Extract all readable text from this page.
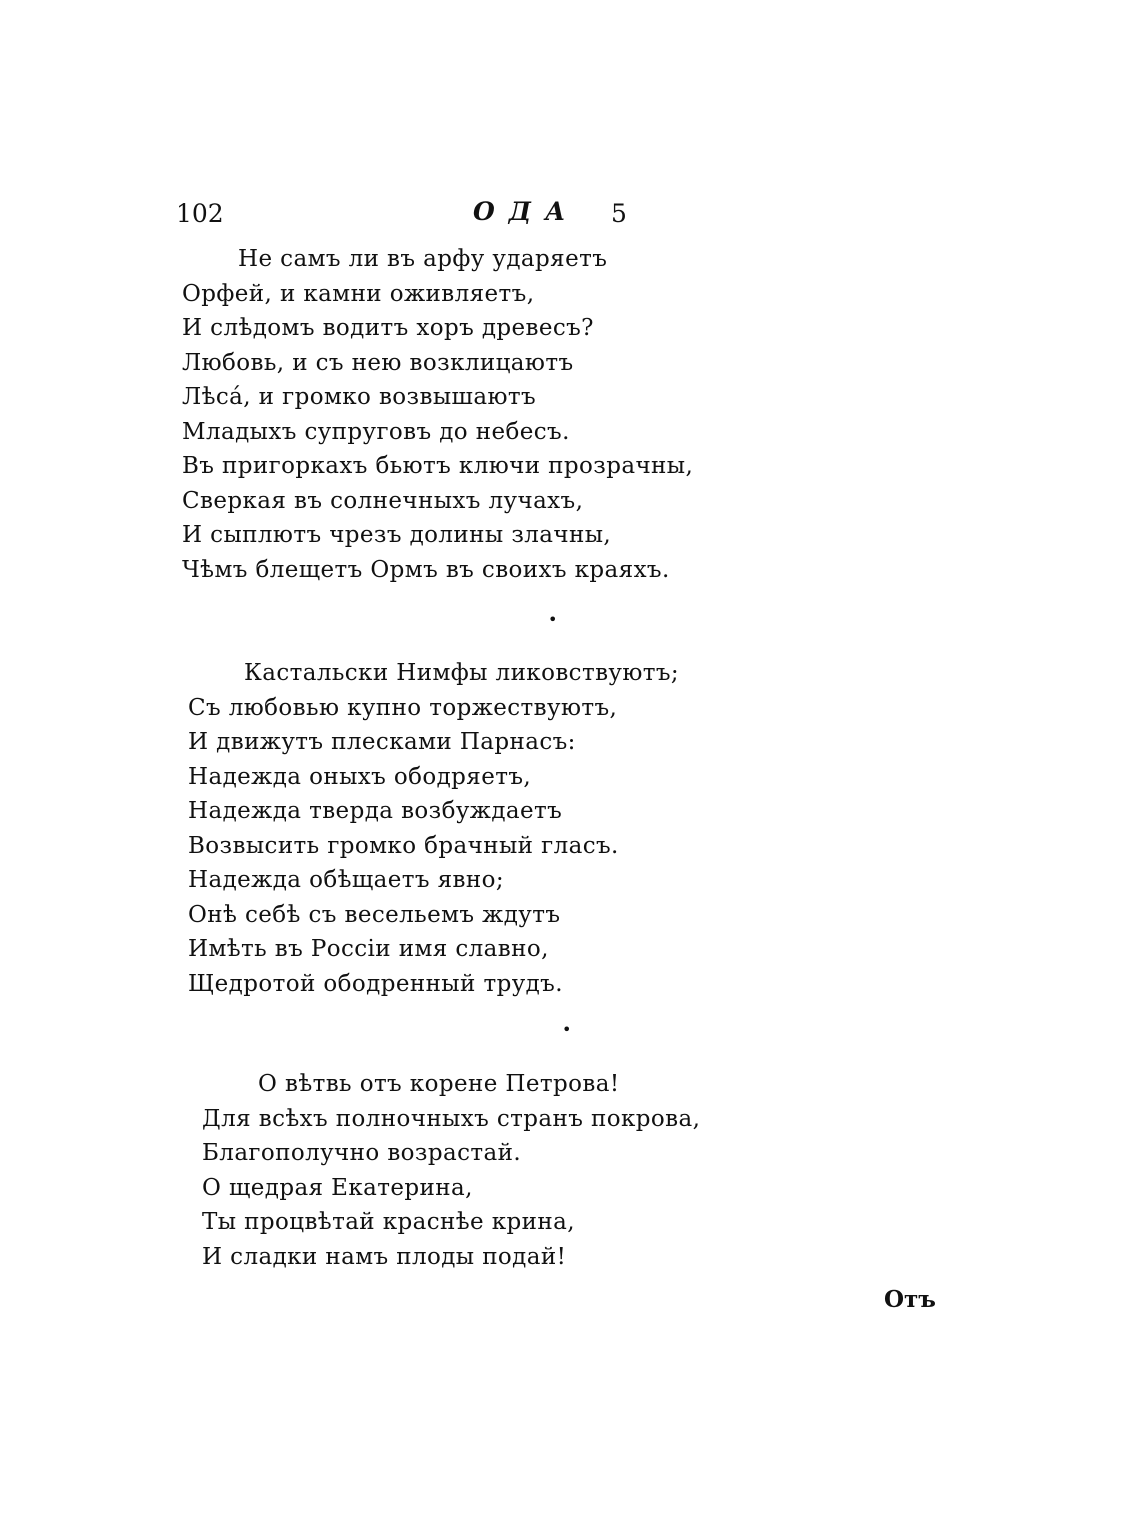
102	ОДА 5
Не самъ ли въ арфу ударяетъ
Орфей, и камни оживляетъ,
И слѣдомъ водитъ хоръ древесъ?
Любовь, и съ нею возклицаютъ
Лѣса́, и громко возвышаютъ
Младыхъ супруговъ до небесъ.
Въ пригоркахъ бьютъ ключи прозрачны,
Сверкая въ солнечныхъ лучахъ,
И сыплютъ чрезъ долины злачны,
Чѣмъ блещетъ Ормъ въ своихъ краяхъ.
•
Кастальски Нимфы ликовствуютъ;
Съ любовью купно торжествуютъ,
И движутъ плесками Парнасъ:
Надежда оныхъ ободряетъ,
Надежда тверда возбуждаетъ
Возвысить громко брачный гласъ.
Надежда обѣщаетъ явно;
Онѣ себѣ съ весельемъ ждутъ
Имѣть въ Россіи имя славно,
Щедротой ободренный трудъ.
•
О вѣтвь отъ корене Петрова!
Для всѣхъ полночныхъ странъ покрова,
Благополучно возрастай.
О щедрая Екатерина,
Ты процвѣтай краснѣе крина,
И сладки намъ плоды подай!
Отъ
